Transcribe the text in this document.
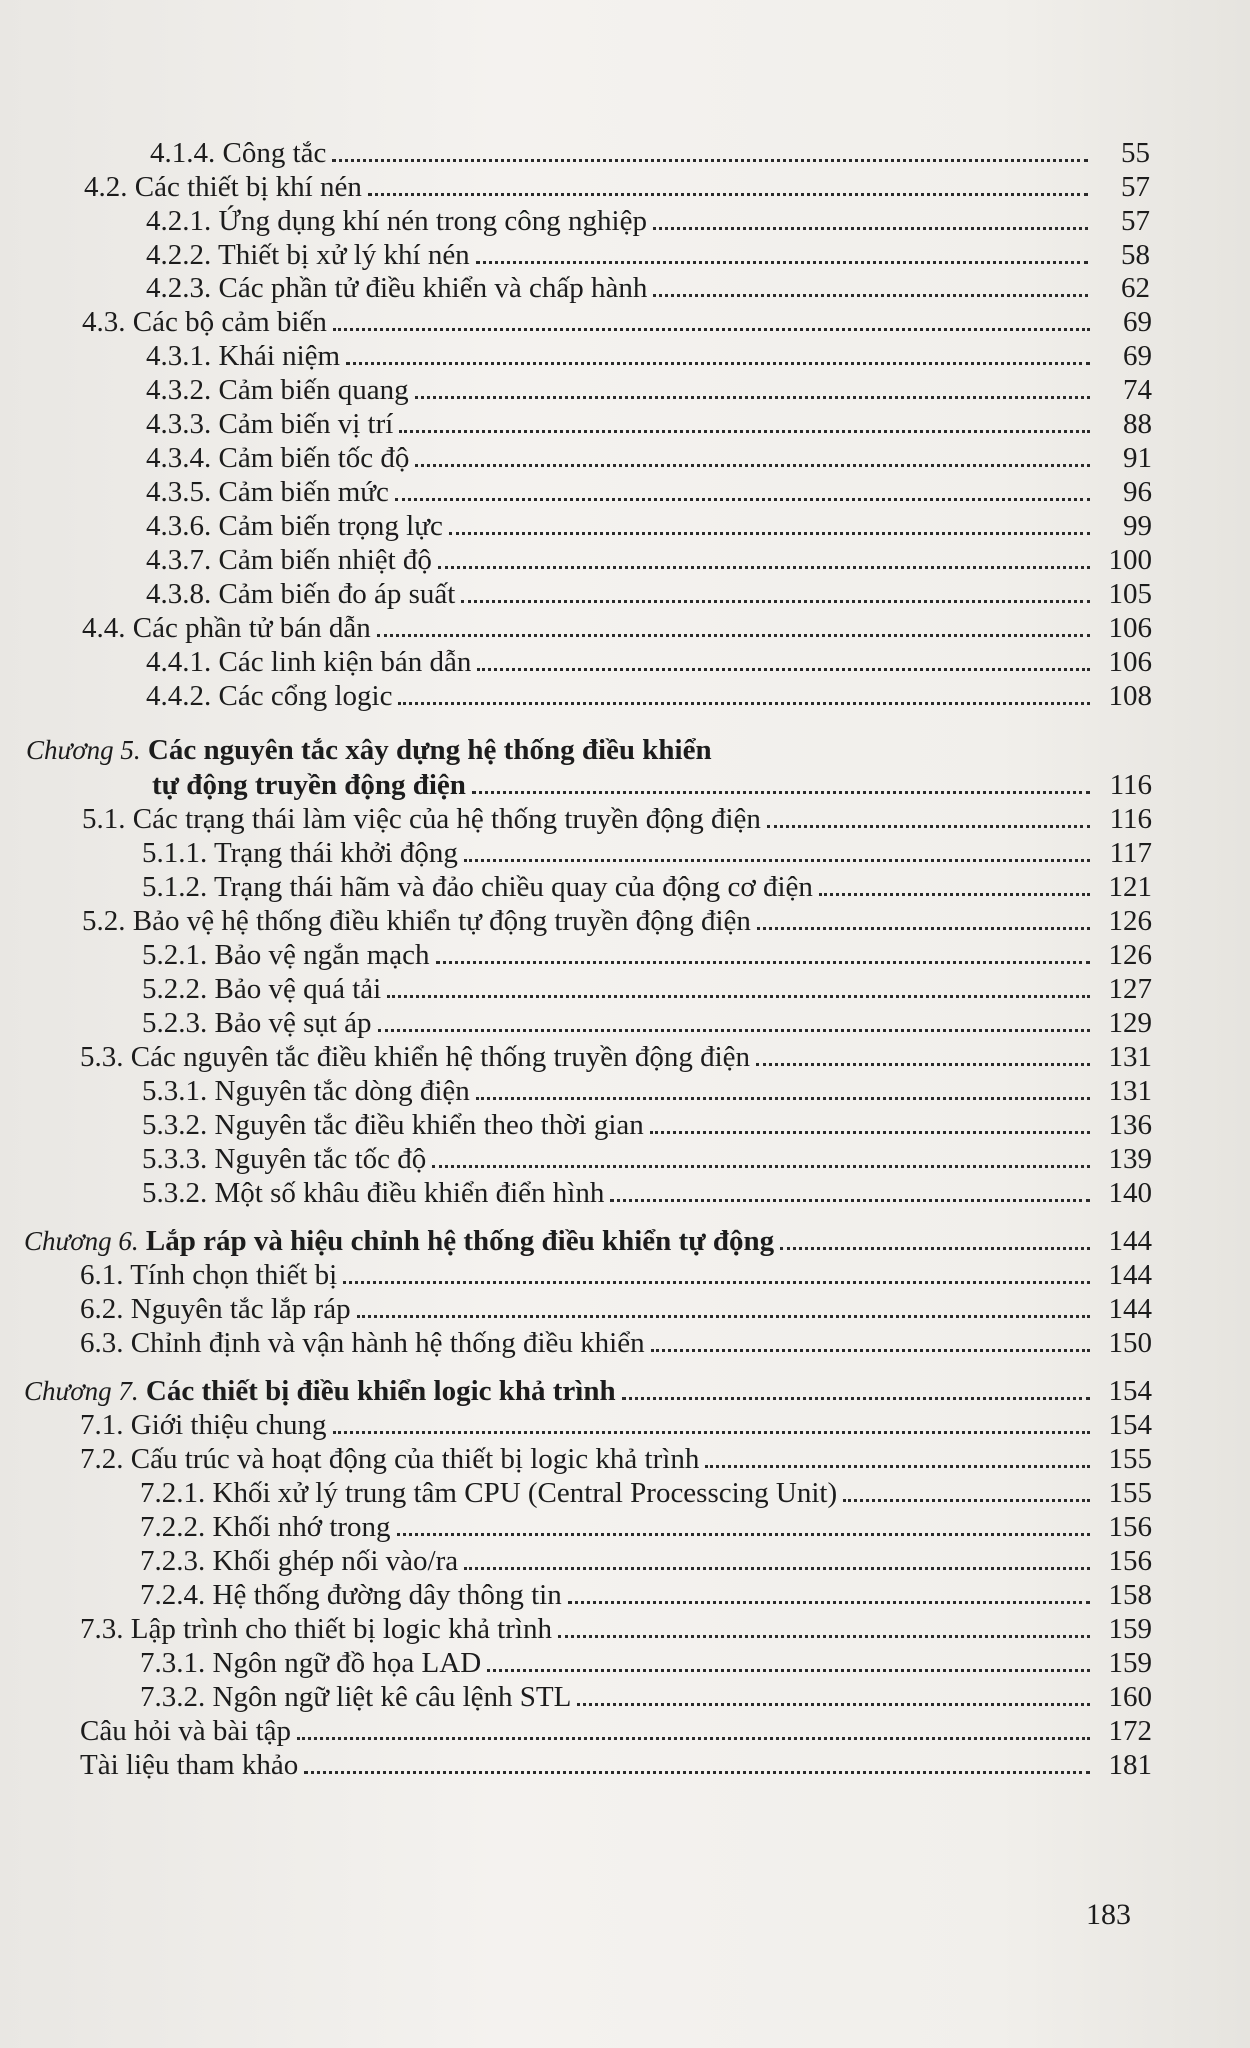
4.1.4. Công tắc	55
4.2. Các thiết bị khí nén	57
4.2.1. Ứng dụng khí nén trong công nghiệp	57
4.2.2. Thiết bị xử lý khí nén	58
4.2.3. Các phần tử điều khiển và chấp hành	62
4.3. Các bộ cảm biến	69
4.3.1. Khái niệm	69
4.3.2. Cảm biến quang	74
4.3.3. Cảm biến vị trí	88
4.3.4. Cảm biến tốc độ	91
4.3.5. Cảm biến mức	96
4.3.6. Cảm biến trọng lực	99
4.3.7. Cảm biến nhiệt độ	100
4.3.8. Cảm biến đo áp suất	105
4.4. Các phần tử bán dẫn	106
4.4.1. Các linh kiện bán dẫn	106
4.4.2. Các cổng logic	108
Chương 5. Các nguyên tắc xây dựng hệ thống điều khiển
tự động truyền động điện	116
5.1. Các trạng thái làm việc của hệ thống truyền động điện	116
5.1.1. Trạng thái khởi động	117
5.1.2. Trạng thái hãm và đảo chiều quay của động cơ điện	121
5.2. Bảo vệ hệ thống điều khiển tự động truyền động điện	126
5.2.1. Bảo vệ ngắn mạch	126
5.2.2. Bảo vệ quá tải	127
5.2.3. Bảo vệ sụt áp	129
5.3. Các nguyên tắc điều khiển hệ thống truyền động điện	131
5.3.1. Nguyên tắc dòng điện	131
5.3.2. Nguyên tắc điều khiển theo thời gian	136
5.3.3. Nguyên tắc tốc độ	139
5.3.2. Một số khâu điều khiển điển hình	140
Chương 6. Lắp ráp và hiệu chỉnh hệ thống điều khiển tự động	144
6.1. Tính chọn thiết bị	144
6.2. Nguyên tắc lắp ráp	144
6.3. Chỉnh định và vận hành hệ thống điều khiển	150
Chương 7. Các thiết bị điều khiển logic khả trình	154
7.1. Giới thiệu chung	154
7.2. Cấu trúc và hoạt động của thiết bị logic khả trình	155
7.2.1. Khối xử lý trung tâm CPU (Central Processcing Unit)	155
7.2.2. Khối nhớ trong	156
7.2.3. Khối ghép nối vào/ra	156
7.2.4. Hệ thống đường dây thông tin	158
7.3. Lập trình cho thiết bị logic khả trình	159
7.3.1. Ngôn ngữ đồ họa LAD	159
7.3.2. Ngôn ngữ liệt kê câu lệnh STL	160
Câu hỏi và bài tập	172
Tài liệu tham khảo	181
183
